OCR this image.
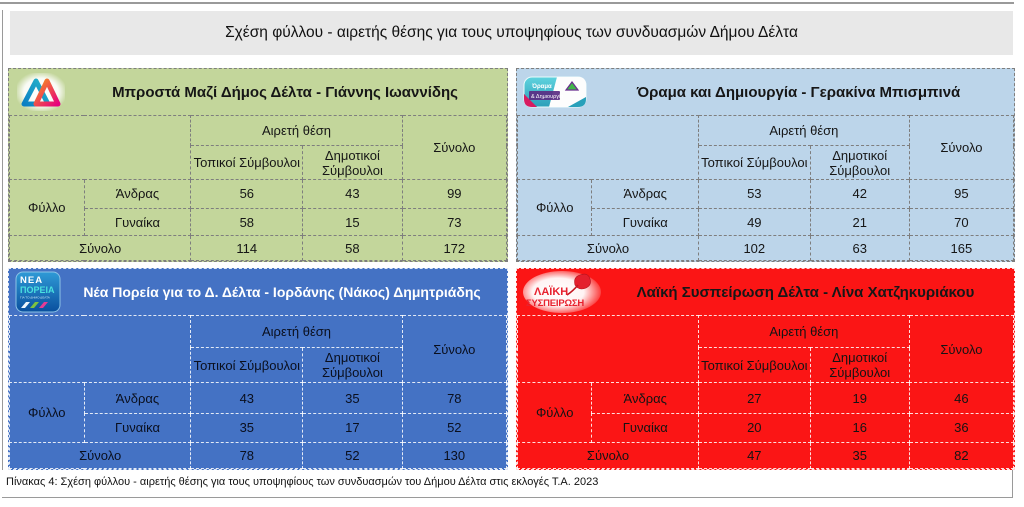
Σχέση φύλλου - αιρετής θέσης για τους υποψηφίους των συνδυασμών Δήμου Δέλτα
Μπροστά Μαζί Δήμος Δέλτα - Γιάννης Ιωαννίδης
		Αιρετή θέση		Σύνολο
		Τοπικοί Σύμβουλοι	Δημοτικοί Σύμβουλοι	
Φύλλο	Άνδρας	56	43	99
	Γυναίκα	58	15	73
Σύνολο		114	58	172
Όραμα
& Δημιουργία	Όραμα και Δημιουργία - Γερακίνα Μπισμπινά
		Αιρετή θέση		Σύνολο
		Τοπικοί Σύμβουλοι	Δημοτικοί Σύμβουλοι	
Φύλλο	Άνδρας	53	42	95
	Γυναίκα	49	21	70
Σύνολο		102	63	165
ΝΕΑ
ΠΟΡΕΙΑ
ΓΙΑ ΤΟ ΔΗΜΟ ΔΕΛΤΑ	Νέα Πορεία για το Δ. Δέλτα - Ιορδάνης (Νάκος) Δημητριάδης
		Αιρετή θέση		Σύνολο
		Τοπικοί Σύμβουλοι	Δημοτικοί Σύμβουλοι	
Φύλλο	Άνδρας	43	35	78
	Γυναίκα	35	17	52
Σύνολο		78	52	130
ΛΑΪΚΗ
ΣΥΣΠΕΙΡΩΣΗ
Λαϊκή Συσπείρωση Δέλτα - Λίνα Χατζηκυριάκου
		Αιρετή θέση		Σύνολο
		Τοπικοί Σύμβουλοι	Δημοτικοί Σύμβουλοι	
Φύλλο	Άνδρας	27	19	46
	Γυναίκα	20	16	36
Σύνολο		47	35	82
Πίνακας 4: Σχέση φύλλου - αιρετής θέσης για τους υποψηφίους των συνδυασμών του Δήμου Δέλτα στις εκλογές Τ.Α. 2023
